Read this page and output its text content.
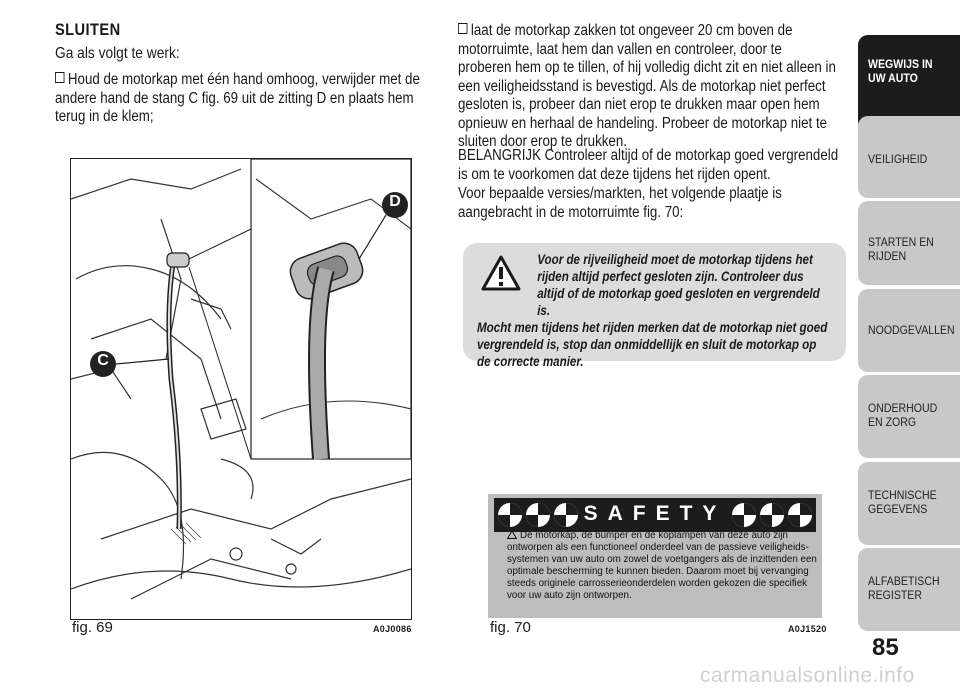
SLUITEN
Ga als volgt te werk:
Houd de motorkap met één hand omhoog, verwijder met de andere hand de stang C fig. 69 uit de zitting D en plaats hem terug in de klem;
D
C
fig. 69	A0J0086
laat de motorkap zakken tot ongeveer 20 cm boven de motorruimte, laat hem dan vallen en controleer, door te proberen hem op te tillen, of hij volledig dicht zit en niet alleen in een veiligheidsstand is bevestigd. Als de motorkap niet perfect gesloten is, probeer dan niet erop te drukken maar open hem opnieuw en herhaal de handeling. Probeer de motorkap niet te sluiten door erop te drukken.
BELANGRIJK Controleer altijd of de motorkap goed vergrendeld is om te voorkomen dat deze tijdens het rijden opent.
Voor bepaalde versies/markten, het volgende plaatje is aangebracht in de motorruimte fig. 70:
Voor de rijveiligheid moet de motorkap tijdens het rijden altijd perfect gesloten zijn. Controleer dus altijd of de motorkap goed gesloten en vergrendeld is.
Mocht men tijdens het rijden merken dat de motorkap niet goed vergrendeld is, stop dan onmiddellijk en sluit de motorkap op de correcte manier.
SAFETY
De motorkap, de bumper en de koplampen van deze auto zijn ontworpen als een functioneel onderdeel van de passieve veiligheids-systemen van uw auto om zowel de voetgangers als de inzittenden een optimale bescherming te kunnen bieden. Daarom moet bij vervanging steeds originele carrosserieonderdelen worden gekozen die specifiek voor uw auto zijn ontworpen.
fig. 70	A0J1520
WEGWIJS IN UW AUTO
VEILIGHEID
STARTEN EN RIJDEN
NOODGEVALLEN
ONDERHOUD EN ZORG
TECHNISCHE GEGEVENS
ALFABETISCH REGISTER
85
carmanualsonline.info
